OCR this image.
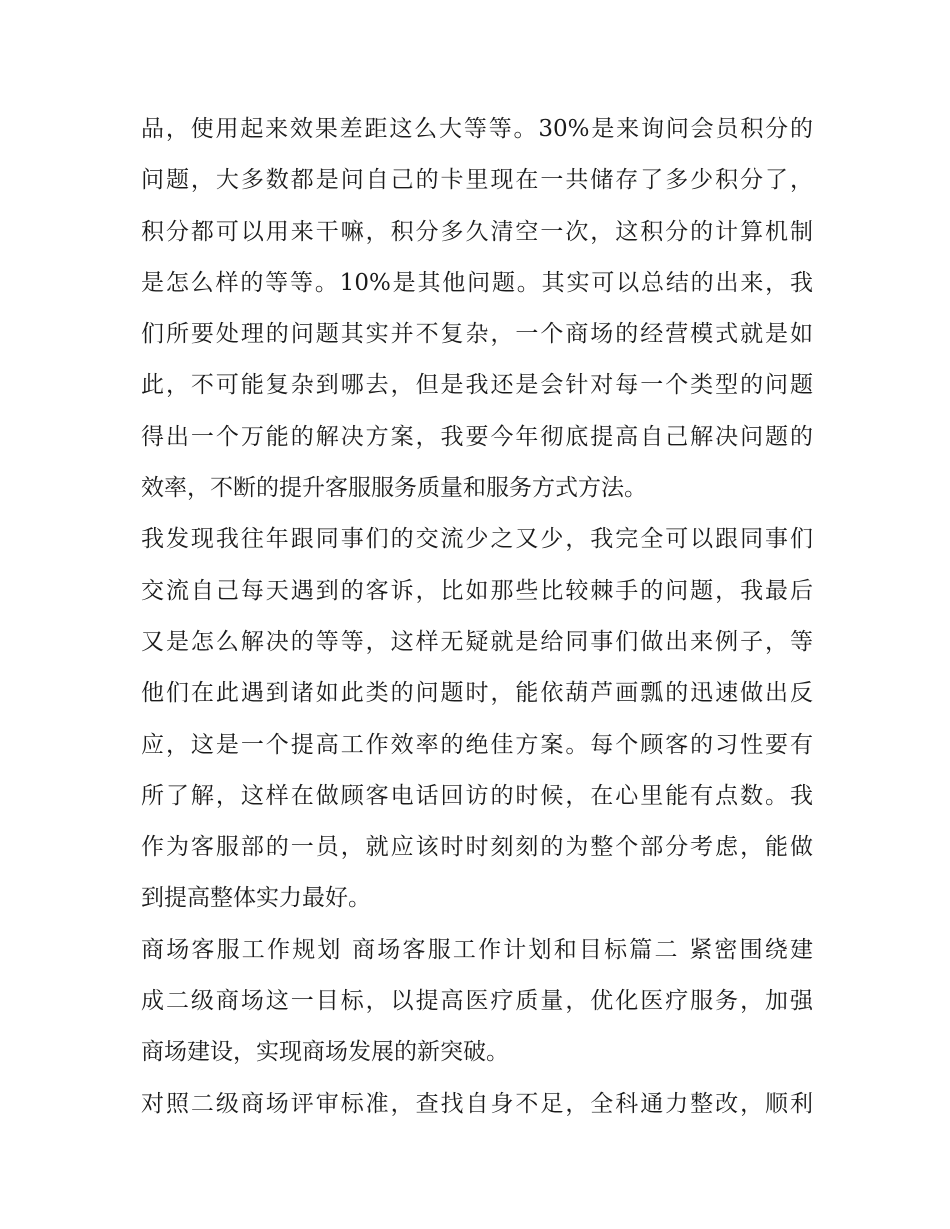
品，使用起来效果差距这么大等等。30%是来询问会员积分的
问题，大多数都是问自己的卡里现在一共储存了多少积分了，
积分都可以用来干嘛，积分多久清空一次，这积分的计算机制
是怎么样的等等。10%是其他问题。其实可以总结的出来，我
们所要处理的问题其实并不复杂，一个商场的经营模式就是如
此，不可能复杂到哪去，但是我还是会针对每一个类型的问题
得出一个万能的解决方案，我要今年彻底提高自己解决问题的
效率，不断的提升客服服务质量和服务方式方法。
我发现我往年跟同事们的交流少之又少，我完全可以跟同事们
交流自己每天遇到的客诉，比如那些比较棘手的问题，我最后
又是怎么解决的等等，这样无疑就是给同事们做出来例子，等
他们在此遇到诸如此类的问题时，能依葫芦画瓢的迅速做出反
应，这是一个提高工作效率的绝佳方案。每个顾客的习性要有
所了解，这样在做顾客电话回访的时候，在心里能有点数。我
作为客服部的一员，就应该时时刻刻的为整个部分考虑，能做
到提高整体实力最好。
商场客服工作规划 商场客服工作计划和目标篇二 紧密围绕建
成二级商场这一目标，以提高医疗质量，优化医疗服务，加强
商场建设，实现商场发展的新突破。
对照二级商场评审标准，查找自身不足，全科通力整改，顺利
